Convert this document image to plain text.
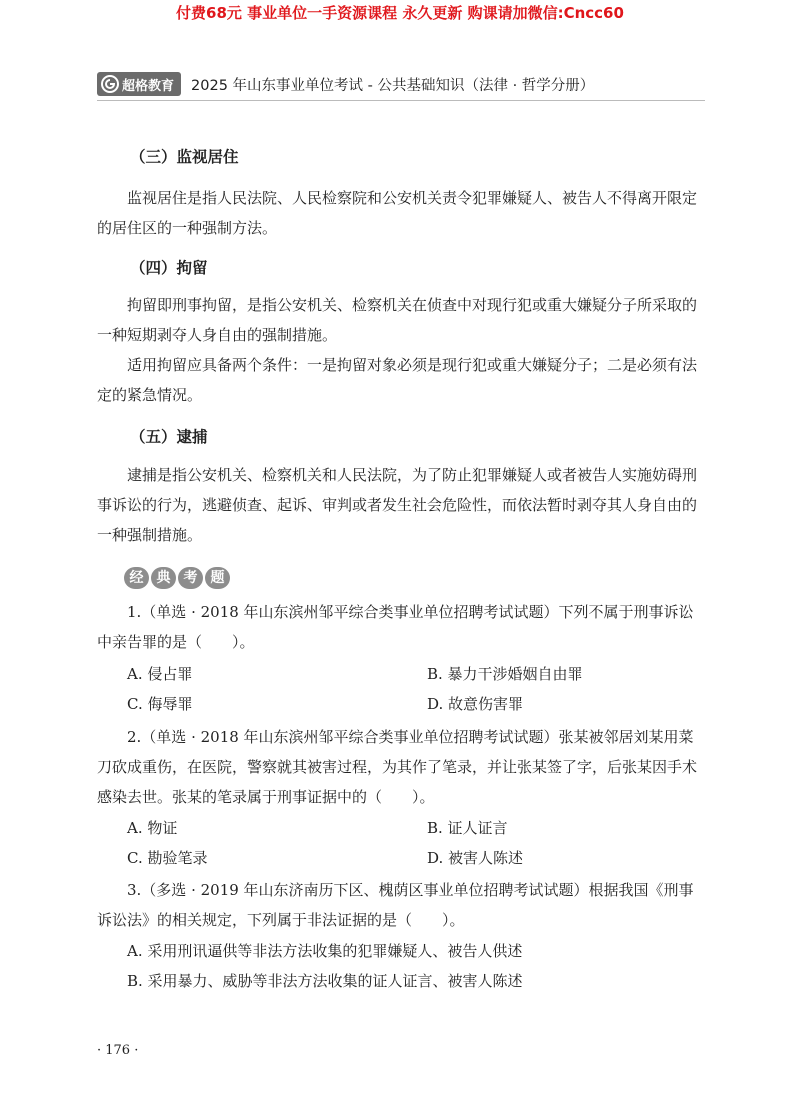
付费68元 事业单位一手资源课程 永久更新 购课请加微信:Cncc60
超格教育 2025 年山东事业单位考试 - 公共基础知识（法律 · 哲学分册）
（三）监视居住

监视居住是指人民法院、人民检察院和公安机关责令犯罪嫌疑人、被告人不得离开限定的居住区的一种强制方法。

（四）拘留

拘留即刑事拘留，是指公安机关、检察机关在侦查中对现行犯或重大嫌疑分子所采取的一种短期剥夺人身自由的强制措施。

适用拘留应具备两个条件：一是拘留对象必须是现行犯或重大嫌疑分子；二是必须有法定的紧急情况。

（五）逮捕

逮捕是指公安机关、检察机关和人民法院，为了防止犯罪嫌疑人或者被告人实施妨碍刑事诉讼的行为，逃避侦查、起诉、审判或者发生社会危险性，而依法暂时剥夺其人身自由的一种强制措施。

经 典 考 题

1.（单选 · 2018 年山东滨州邹平综合类事业单位招聘考试试题）下列不属于刑事诉讼中亲告罪的是（　　）。

A. 侵占罪	B. 暴力干涉婚姻自由罪
C. 侮辱罪	D. 故意伤害罪

2.（单选 · 2018 年山东滨州邹平综合类事业单位招聘考试试题）张某被邻居刘某用菜刀砍成重伤，在医院，警察就其被害过程，为其作了笔录，并让张某签了字，后张某因手术感染去世。张某的笔录属于刑事证据中的（　　）。

A. 物证	B. 证人证言
C. 勘验笔录	D. 被害人陈述

3.（多选 · 2019 年山东济南历下区、槐荫区事业单位招聘考试试题）根据我国《刑事诉讼法》的相关规定，下列属于非法证据的是（　　）。

A. 采用刑讯逼供等非法方法收集的犯罪嫌疑人、被告人供述
B. 采用暴力、威胁等非法方法收集的证人证言、被害人陈述
· 176 ·
